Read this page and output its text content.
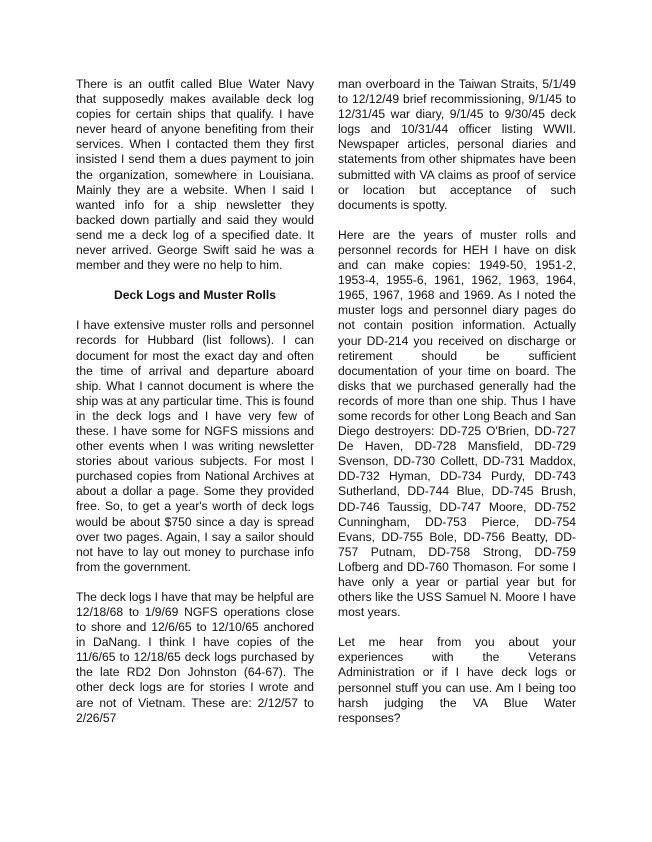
There is an outfit called Blue Water Navy that supposedly makes available deck log copies for certain ships that qualify. I have never heard of anyone benefiting from their services. When I contacted them they first insisted I send them a dues payment to join the organization, somewhere in Louisiana. Mainly they are a website. When I said I wanted info for a ship newsletter they backed down partially and said they would send me a deck log of a specified date. It never arrived. George Swift said he was a member and they were no help to him.

Deck Logs and Muster Rolls

I have extensive muster rolls and personnel records for Hubbard (list follows). I can document for most the exact day and often the time of arrival and departure aboard ship. What I cannot document is where the ship was at any particular time. This is found in the deck logs and I have very few of these. I have some for NGFS missions and other events when I was writing newsletter stories about various subjects. For most I purchased copies from National Archives at about a dollar a page. Some they provided free. So, to get a year's worth of deck logs would be about $750 since a day is spread over two pages. Again, I say a sailor should not have to lay out money to purchase info from the government.

The deck logs I have that may be helpful are 12/18/68 to 1/9/69 NGFS operations close to shore and 12/6/65 to 12/10/65 anchored in DaNang. I think I have copies of the 11/6/65 to 12/18/65 deck logs purchased by the late RD2 Don Johnston (64-67). The other deck logs are for stories I wrote and are not of Vietnam. These are: 2/12/57 to 2/26/57

man overboard in the Taiwan Straits, 5/1/49 to 12/12/49 brief recommissioning, 9/1/45 to 12/31/45 war diary, 9/1/45 to 9/30/45 deck logs and 10/31/44 officer listing WWII. Newspaper articles, personal diaries and statements from other shipmates have been submitted with VA claims as proof of service or location but acceptance of such documents is spotty.

Here are the years of muster rolls and personnel records for HEH I have on disk and can make copies: 1949-50, 1951-2, 1953-4, 1955-6, 1961, 1962, 1963, 1964, 1965, 1967, 1968 and 1969. As I noted the muster logs and personnel diary pages do not contain position information. Actually your DD-214 you received on discharge or retirement should be sufficient documentation of your time on board. The disks that we purchased generally had the records of more than one ship. Thus I have some records for other Long Beach and San Diego destroyers: DD-725 O'Brien, DD-727 De Haven, DD-728 Mansfield, DD-729 Svenson, DD-730 Collett, DD-731 Maddox, DD-732 Hyman, DD-734 Purdy, DD-743 Sutherland, DD-744 Blue, DD-745 Brush, DD-746 Taussig, DD-747 Moore, DD-752 Cunningham, DD-753 Pierce, DD-754 Evans, DD-755 Bole, DD-756 Beatty, DD-757 Putnam, DD-758 Strong, DD-759 Lofberg and DD-760 Thomason. For some I have only a year or partial year but for others like the USS Samuel N. Moore I have most years.

Let me hear from you about your experiences with the Veterans Administration or if I have deck logs or personnel stuff you can use. Am I being too harsh judging the VA Blue Water responses?
